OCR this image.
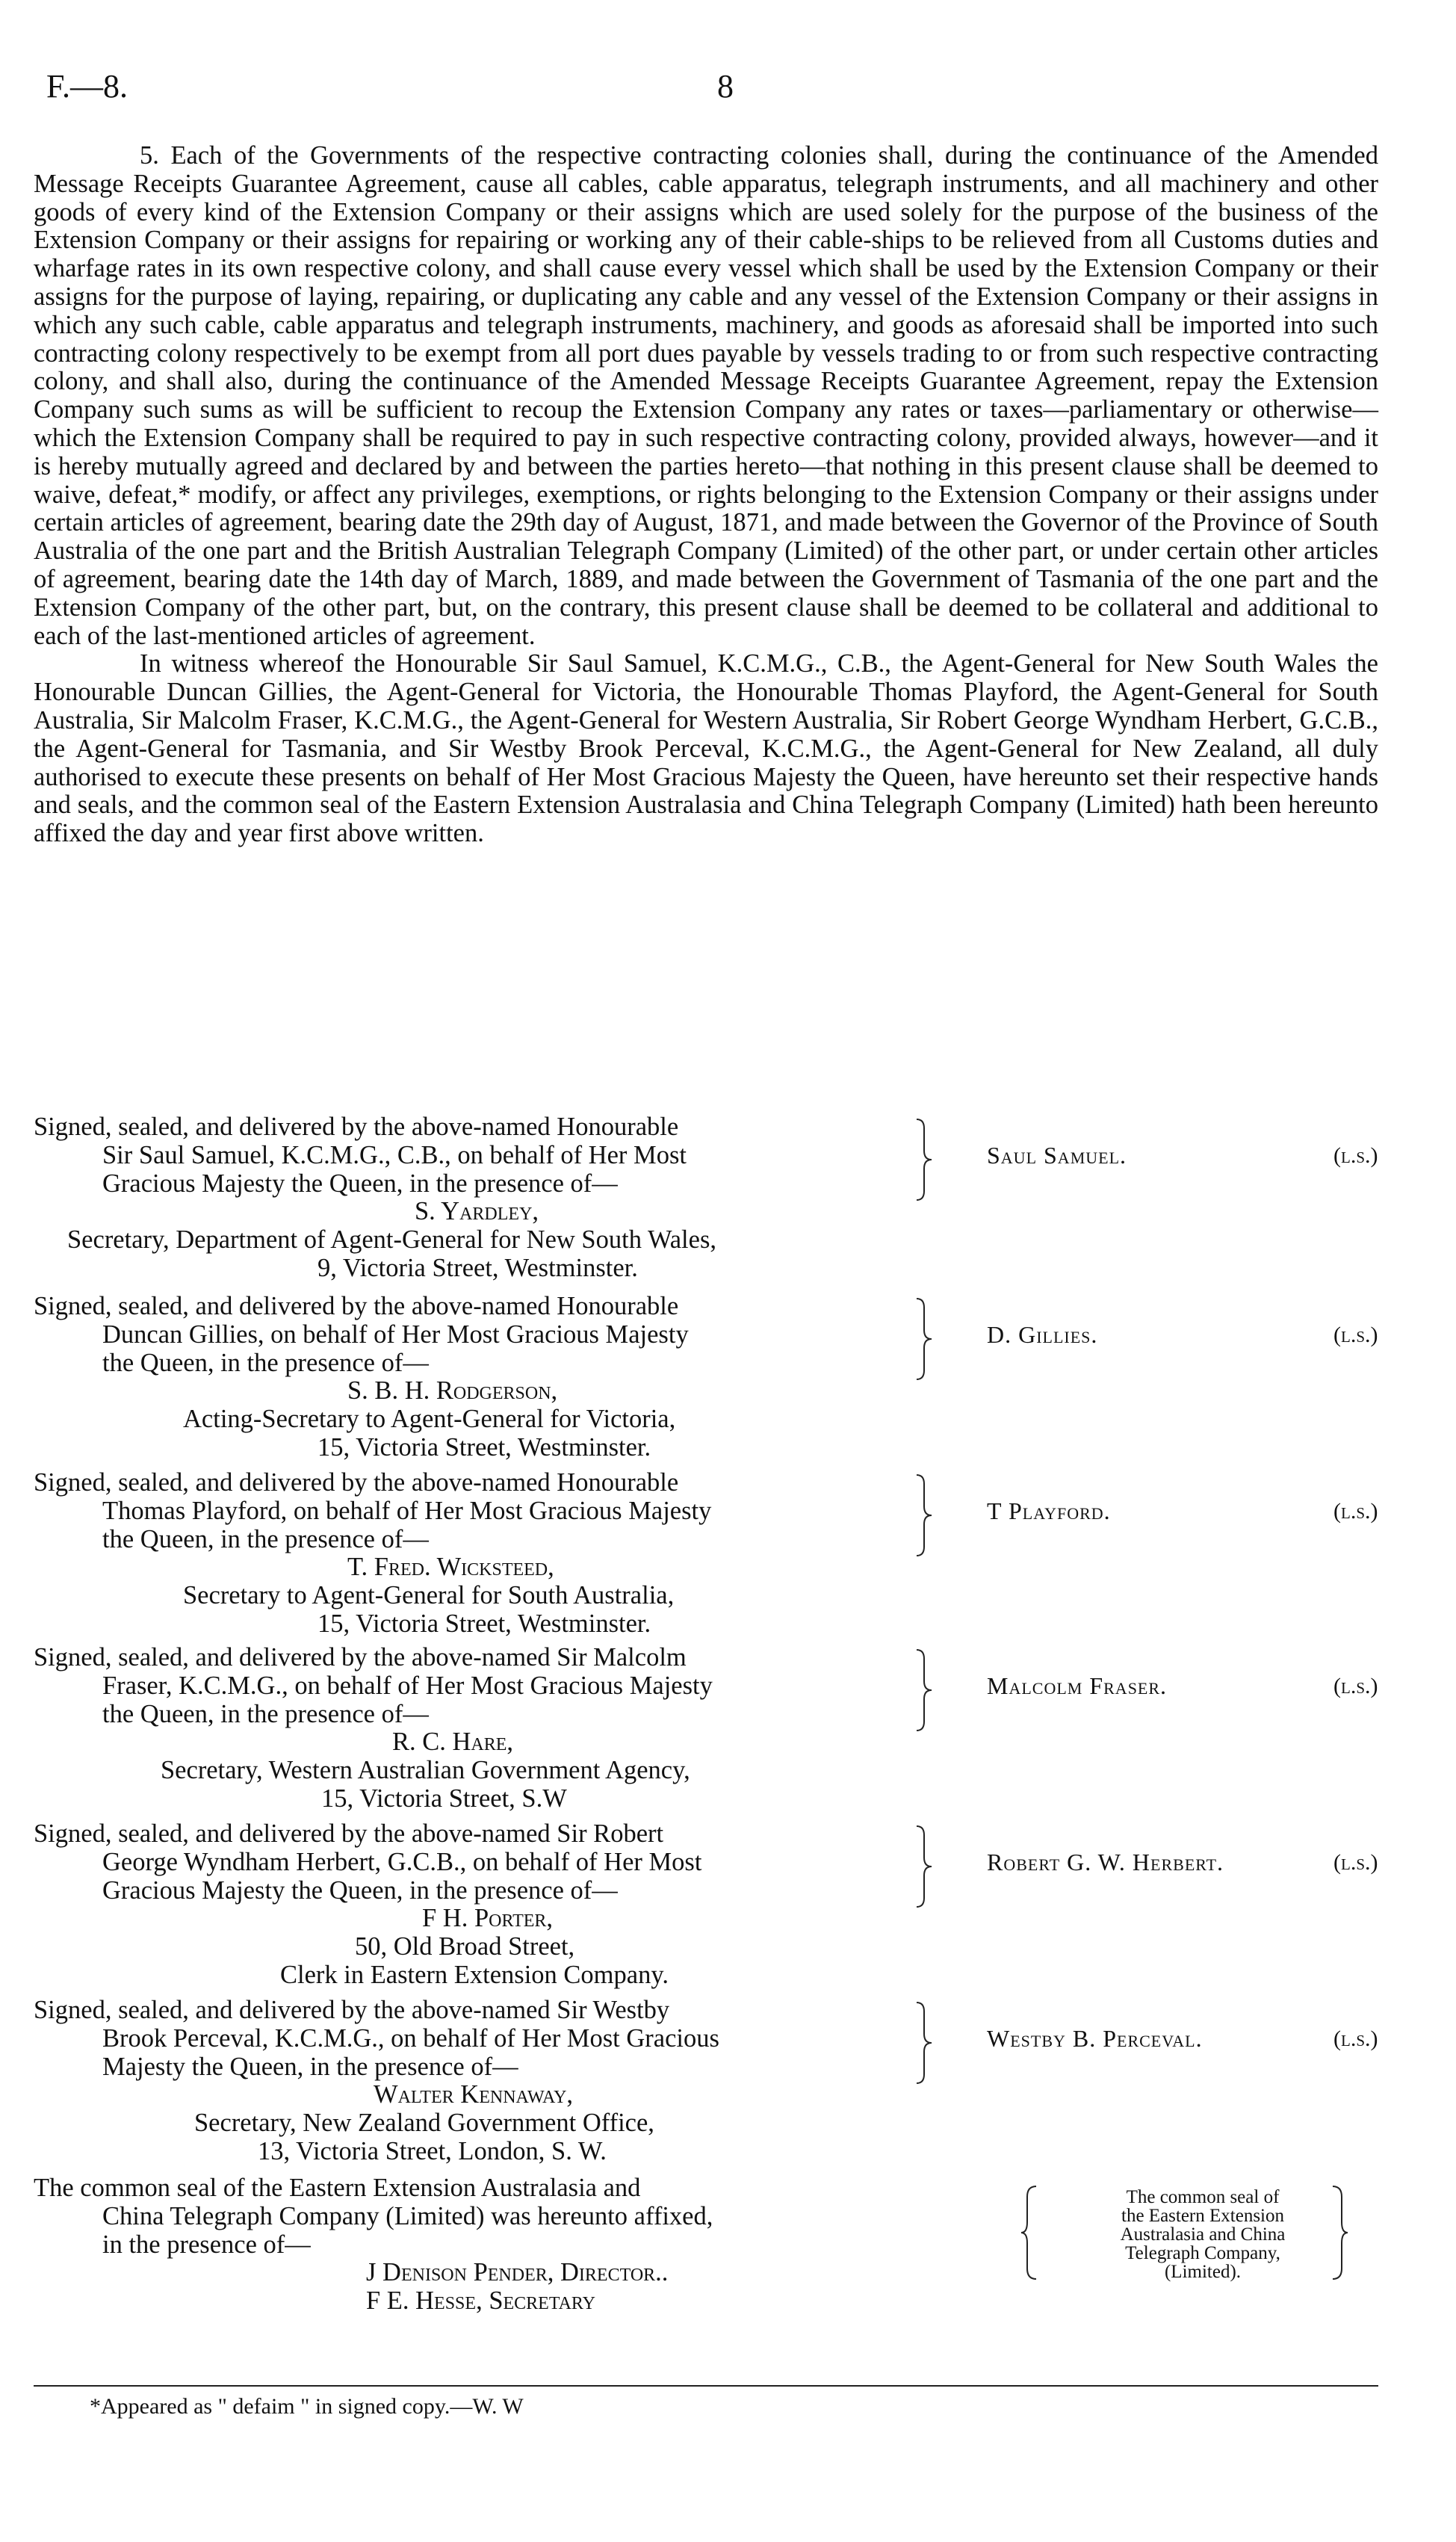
F.—8.	8

5. Each of the Governments of the respective contracting colonies shall, during the continuance of the Amended Message Receipts Guarantee Agreement, cause all cables, cable apparatus, telegraph instruments, and all machinery and other goods of every kind of the Extension Company or their assigns which are used solely for the purpose of the business of the Extension Company or their assigns for repairing or working any of their cable-ships to be relieved from all Customs duties and wharfage rates in its own respective colony, and shall cause every vessel which shall be used by the Extension Company or their assigns for the purpose of laying, repairing, or duplicating any cable and any vessel of the Extension Company or their assigns in which any such cable, cable apparatus and telegraph instruments, machinery, and goods as aforesaid shall be imported into such contracting colony respectively to be exempt from all port dues payable by vessels trading to or from such respective contracting colony, and shall also, during the continuance of the Amended Message Receipts Guarantee Agreement, repay the Extension Company such sums as will be sufficient to recoup the Extension Company any rates or taxes—parliamentary or otherwise—which the Extension Company shall be required to pay in such respective contracting colony, provided always, however—and it is hereby mutually agreed and declared by and between the parties hereto—that nothing in this present clause shall be deemed to waive, defeat,* modify, or affect any privileges, exemptions, or rights belonging to the Extension Company or their assigns under certain articles of agreement, bearing date the 29th day of August, 1871, and made between the Governor of the Province of South Australia of the one part and the British Australian Telegraph Company (Limited) of the other part, or under certain other articles of agreement, bearing date the 14th day of March, 1889, and made between the Government of Tasmania of the one part and the Extension Company of the other part, but, on the contrary, this present clause shall be deemed to be collateral and additional to each of the last-mentioned articles of agreement.

In witness whereof the Honourable Sir Saul Samuel, K.C.M.G., C.B., the Agent-General for New South Wales the Honourable Duncan Gillies, the Agent-General for Victoria, the Honourable Thomas Playford, the Agent-General for South Australia, Sir Malcolm Fraser, K.C.M.G., the Agent-General for Western Australia, Sir Robert George Wyndham Herbert, G.C.B., the Agent-General for Tasmania, and Sir Westby Brook Perceval, K.C.M.G., the Agent-General for New Zealand, all duly authorised to execute these presents on behalf of Her Most Gracious Majesty the Queen, have hereunto set their respective hands and seals, and the common seal of the Eastern Extension Australasia and China Telegraph Company (Limited) hath been hereunto affixed the day and year first above written.

Signed, sealed, and delivered by the above-named Honourable
Sir Saul Samuel, K.C.M.G., C.B., on behalf of Her Most
Gracious Majesty the Queen, in the presence of—
Saul Samuel.	(l.s.)
S. Yardley,
Secretary, Department of Agent-General for New South Wales,
9, Victoria Street, Westminster.
Signed, sealed, and delivered by the above-named Honourable
Duncan Gillies, on behalf of Her Most Gracious Majesty
the Queen, in the presence of—
D. Gillies.	(l.s.)
S. B. H. Rodgerson,
Acting-Secretary to Agent-General for Victoria,
15, Victoria Street, Westminster.
Signed, sealed, and delivered by the above-named Honourable
Thomas Playford, on behalf of Her Most Gracious Majesty
the Queen, in the presence of—
T Playford.	(l.s.)
T. Fred. Wicksteed,
Secretary to Agent-General for South Australia,
15, Victoria Street, Westminster.
Signed, sealed, and delivered by the above-named Sir Malcolm
Fraser, K.C.M.G., on behalf of Her Most Gracious Majesty
the Queen, in the presence of—
Malcolm Fraser.	(l.s.)
R. C. Hare,
Secretary, Western Australian Government Agency,
15, Victoria Street, S.W
Signed, sealed, and delivered by the above-named Sir Robert
George Wyndham Herbert, G.C.B., on behalf of Her Most
Gracious Majesty the Queen, in the presence of—
Robert G. W. Herbert.	(l.s.)
F H. Porter,
50, Old Broad Street,
Clerk in Eastern Extension Company.
Signed, sealed, and delivered by the above-named Sir Westby
Brook Perceval, K.C.M.G., on behalf of Her Most Gracious
Majesty the Queen, in the presence of—
Westby B. Perceval.	(l.s.)
Walter Kennaway,
Secretary, New Zealand Government Office,
13, Victoria Street, London, S. W.
The common seal of the Eastern Extension Australasia and
China Telegraph Company (Limited) was hereunto affixed,
in the presence of—
J Denison Pender, Director..
F E. Hesse, Secretary
The common seal of
the Eastern Extension
Australasia and China
Telegraph Company,
(Limited).
*Appeared as " defaim " in signed copy.—W. W
